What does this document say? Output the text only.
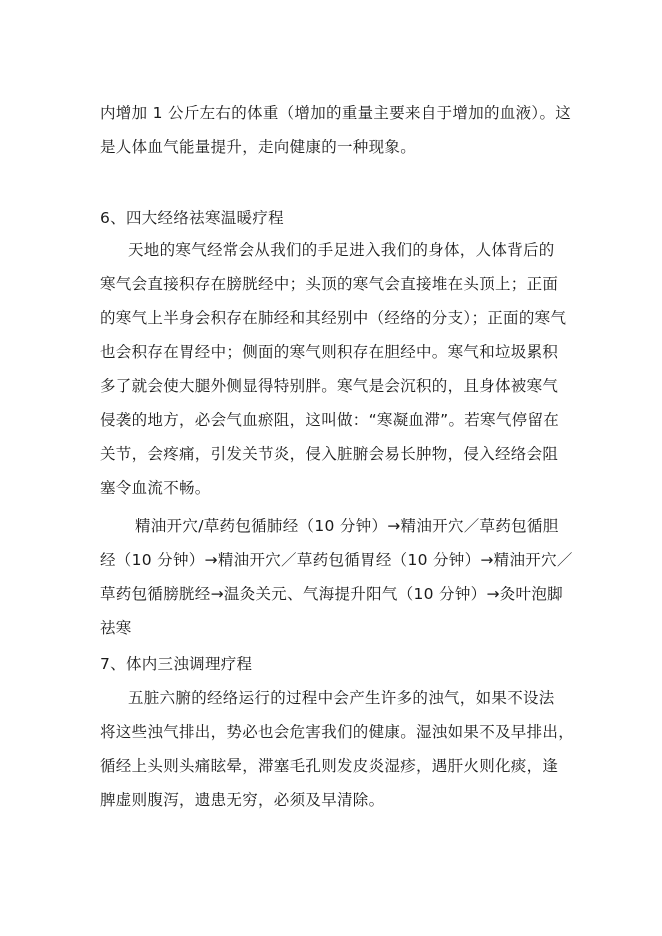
内增加 1 公斤左右的体重（增加的重量主要来自于增加的血液）。这
是人体血气能量提升，走向健康的一种现象。
6、四大经络祛寒温暖疗程
天地的寒气经常会从我们的手足进入我们的身体，人体背后的
寒气会直接积存在膀胱经中；头顶的寒气会直接堆在头顶上；正面
的寒气上半身会积存在肺经和其经别中（经络的分支）；正面的寒气
也会积存在胃经中；侧面的寒气则积存在胆经中。寒气和垃圾累积
多了就会使大腿外侧显得特别胖。寒气是会沉积的，且身体被寒气
侵袭的地方，必会气血瘀阻，这叫做：“寒凝血滞”。若寒气停留在
关节，会疼痛，引发关节炎，侵入脏腑会易长肿物，侵入经络会阻
塞令血流不畅。
精油开穴/草药包循肺经（10 分钟）→精油开穴／草药包循胆
经（10 分钟）→精油开穴／草药包循胃经（10 分钟）→精油开穴／
草药包循膀胱经→温灸关元、气海提升阳气（10 分钟）→灸叶泡脚
祛寒
7、体内三浊调理疗程
五脏六腑的经络运行的过程中会产生许多的浊气，如果不设法
将这些浊气排出，势必也会危害我们的健康。湿浊如果不及早排出，
循经上头则头痛眩晕，滞塞毛孔则发皮炎湿疹，遇肝火则化痰，逢
脾虚则腹泻，遗患无穷，必须及早清除。
